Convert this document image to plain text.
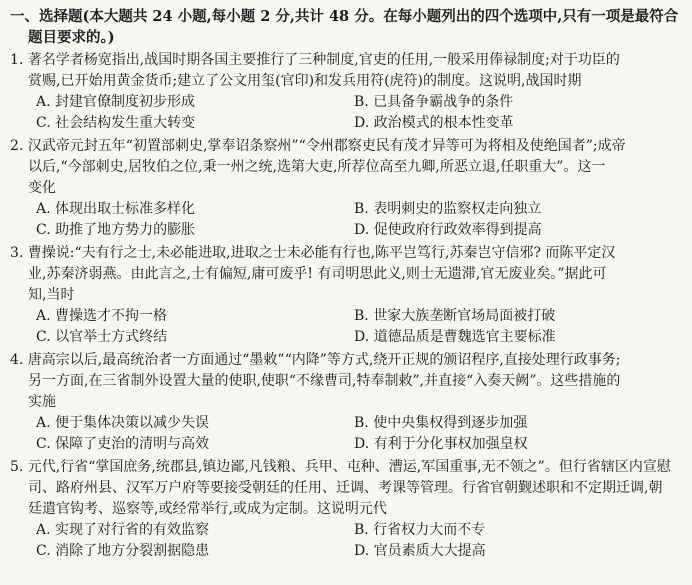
一、选择题(本大题共 24 小题,每小题 2 分,共计 48 分。在每小题列出的四个选项中,只有一项是最符合
题目要求的。)

1. 著名学者杨宽指出,战国时期各国主要推行了三种制度,官吏的任用,一般采用俸禄制度;对于功臣的
赏赐,已开始用黄金货币;建立了公文用玺(官印)和发兵用符(虎符)的制度。这说明,战国时期

A. 封建官僚制度初步形成	B. 已具备争霸战争的条件
C. 社会结构发生重大转变	D. 政治模式的根本性变革

2. 汉武帝元封五年“初置部刺史,掌奉诏条察州”“令州郡察吏民有茂才异等可为将相及使绝国者”;成帝
以后,“今部刺史,居牧伯之位,秉一州之统,选第大吏,所荐位高至九卿,所恶立退,任职重大”。这一
变化

A. 体现出取士标准多样化	B. 表明刺史的监察权走向独立
C. 助推了地方势力的膨胀	D. 促使政府行政效率得到提高

3. 曹操说:“夫有行之士,未必能进取,进取之士未必能有行也,陈平岂笃行,苏秦岂守信邪? 而陈平定汉
业,苏秦济弱燕。由此言之,士有偏短,庸可废乎! 有司明思此义,则士无遗滞,官无废业矣。”据此可
知,当时

A. 曹操选才不拘一格	B. 世家大族垄断官场局面被打破
C. 以官举士方式终结	D. 道德品质是曹魏选官主要标准

4. 唐高宗以后,最高统治者一方面通过“墨敕”“内降”等方式,绕开正规的颁诏程序,直接处理行政事务;
另一方面,在三省制外设置大量的使职,使职“不缘曹司,特奉制敕”,并直接“入奏天阙”。这些措施的
实施

A. 便于集体决策以减少失误	B. 使中央集权得到逐步加强
C. 保障了吏治的清明与高效	D. 有利于分化事权加强皇权

5. 元代,行省“掌国庶务,统郡县,镇边鄙,凡钱粮、兵甲、屯种、漕运,军国重事,无不领之”。但行省辖区内宣慰
司、路府州县、汉军万户府等要接受朝廷的任用、迁调、考课等管理。行省官朝觐述职和不定期迁调,朝
廷遣官钩考、巡察等,或经常举行,或成为定制。这说明元代

A. 实现了对行省的有效监察	B. 行省权力大而不专
C. 消除了地方分裂割据隐患	D. 官员素质大大提高
